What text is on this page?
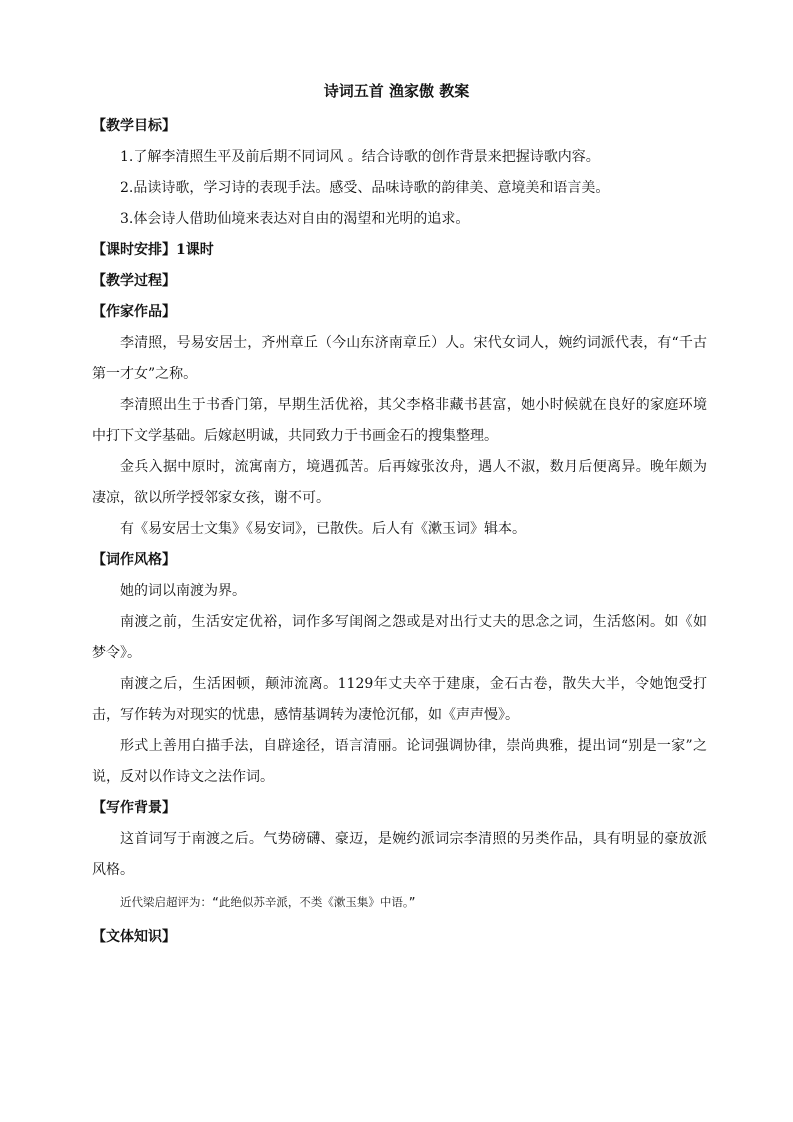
诗词五首 渔家傲 教案

【教学目标】

1.了解李清照生平及前后期不同词风 。结合诗歌的创作背景来把握诗歌内容。

2.品读诗歌，学习诗的表现手法。感受、品味诗歌的韵律美、意境美和语言美。

3.体会诗人借助仙境来表达对自由的渴望和光明的追求。

【课时安排】1课时

【教学过程】

【作家作品】

李清照，号易安居士，齐州章丘（今山东济南章丘）人。宋代女词人，婉约词派代表，有“千古第一才女”之称。

李清照出生于书香门第，早期生活优裕，其父李格非藏书甚富，她小时候就在良好的家庭环境中打下文学基础。后嫁赵明诚，共同致力于书画金石的搜集整理。

金兵入据中原时，流寓南方，境遇孤苦。后再嫁张汝舟，遇人不淑，数月后便离异。晚年颇为凄凉，欲以所学授邻家女孩，谢不可。

有《易安居士文集》《易安词》，已散佚。后人有《漱玉词》辑本。

【词作风格】

她的词以南渡为界。

南渡之前，生活安定优裕，词作多写闺阁之怨或是对出行丈夫的思念之词，生活悠闲。如《如梦令》。

南渡之后，生活困顿，颠沛流离。1129年丈夫卒于建康，金石古卷，散失大半，令她饱受打击，写作转为对现实的忧患，感情基调转为凄怆沉郁，如《声声慢》。

形式上善用白描手法，自辟途径，语言清丽。论词强调协律，崇尚典雅，提出词“别是一家”之说，反对以作诗文之法作词。

【写作背景】

这首词写于南渡之后。气势磅礴、豪迈，是婉约派词宗李清照的另类作品，具有明显的豪放派风格。

近代梁启超评为：“此绝似苏辛派，不类《漱玉集》中语。”

【文体知识】
